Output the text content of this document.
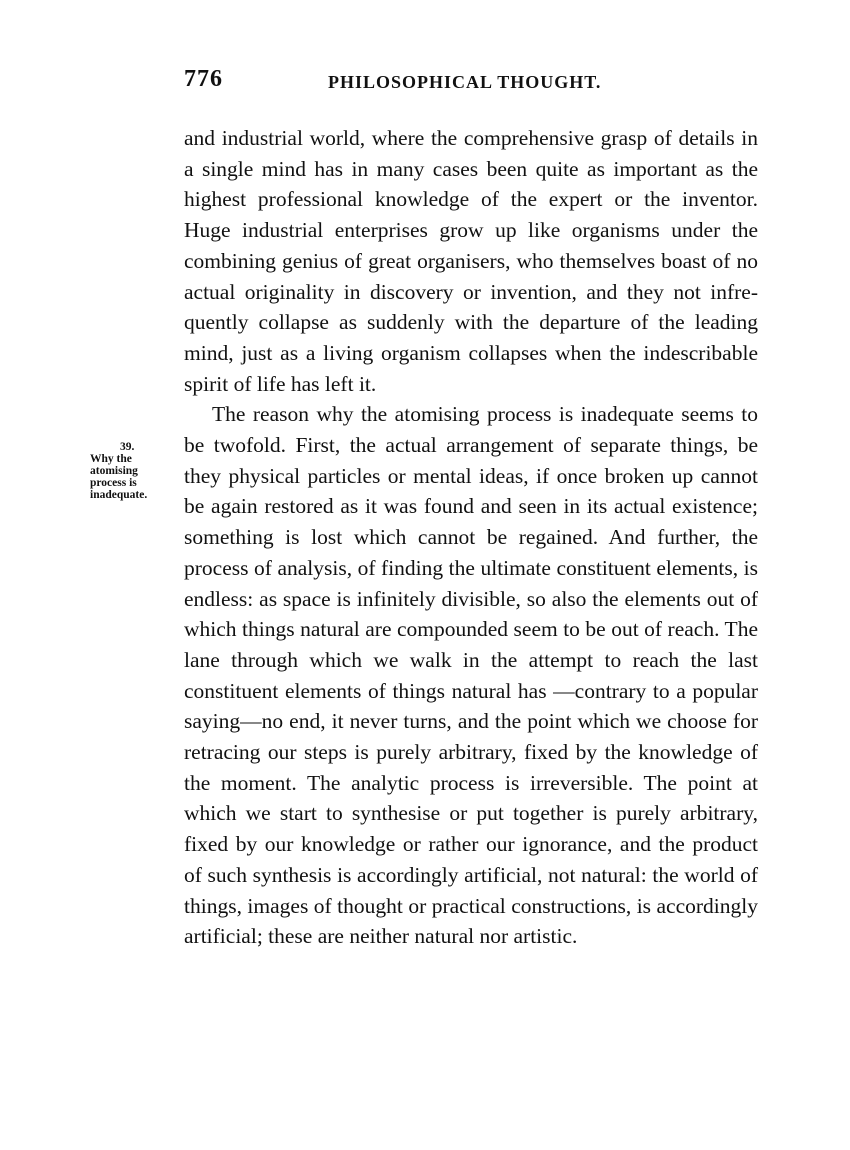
776	PHILOSOPHICAL THOUGHT.
39.
Why the
atomising
process is
inadequate.

and industrial world, where the comprehensive grasp of details in a single mind has in many cases been quite as important as the highest professional knowledge of the expert or the inventor. Huge industrial enterprises grow up like organisms under the combining genius of great organisers, who themselves boast of no actual originality in discovery or invention, and they not infrequently collapse as suddenly with the departure of the leading mind, just as a living organism collapses when the indescribable spirit of life has left it.

The reason why the atomising process is inadequate seems to be twofold. First, the actual arrangement of separate things, be they physical particles or mental ideas, if once broken up cannot be again restored as it was found and seen in its actual existence; something is lost which cannot be regained. And further, the process of analysis, of finding the ultimate constituent elements, is endless: as space is infinitely divisible, so also the elements out of which things natural are compounded seem to be out of reach. The lane through which we walk in the attempt to reach the last constituent elements of things natural has —contrary to a popular saying—no end, it never turns, and the point which we choose for retracing our steps is purely arbitrary, fixed by the knowledge of the moment. The analytic process is irreversible. The point at which we start to synthesise or put together is purely arbitrary, fixed by our knowledge or rather our ignorance, and the product of such synthesis is accordingly artificial, not natural: the world of things, images of thought or practical constructions, is accordingly artificial; these are neither natural nor artistic.
